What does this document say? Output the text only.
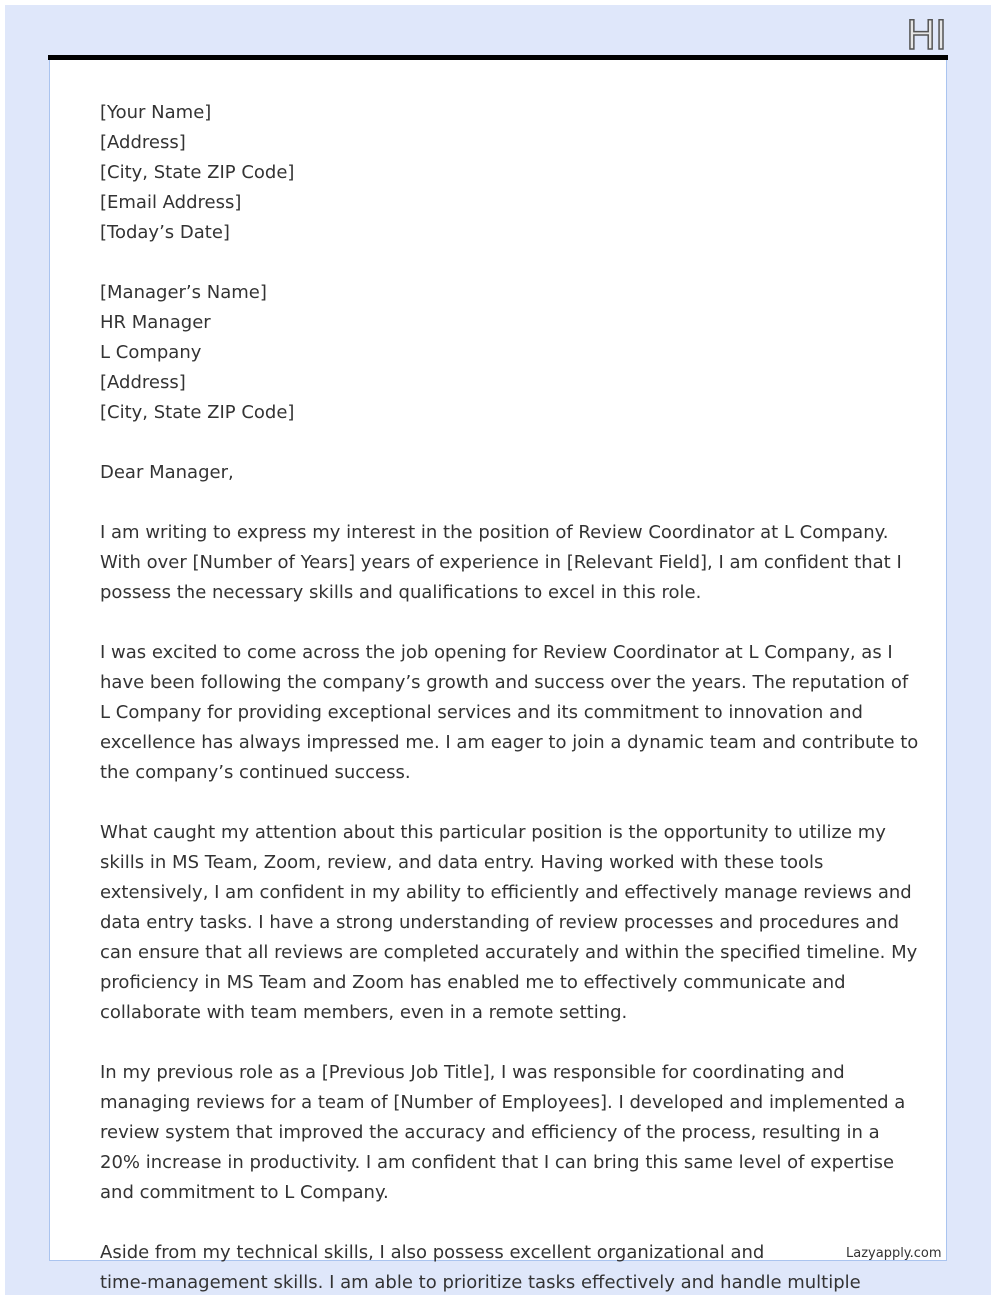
HI
[Your Name]
[Address]
[City, State ZIP Code]
[Email Address]
[Today’s Date]
[Manager’s Name]
HR Manager
L Company
[Address]
[City, State ZIP Code]
Dear Manager,
I am writing to express my interest in the position of Review Coordinator at L Company.
With over [Number of Years] years of experience in [Relevant Field], I am confident that I
possess the necessary skills and qualifications to excel in this role.
I was excited to come across the job opening for Review Coordinator at L Company, as I
have been following the company’s growth and success over the years. The reputation of
L Company for providing exceptional services and its commitment to innovation and
excellence has always impressed me. I am eager to join a dynamic team and contribute to
the company’s continued success.
What caught my attention about this particular position is the opportunity to utilize my
skills in MS Team, Zoom, review, and data entry. Having worked with these tools
extensively, I am confident in my ability to efficiently and effectively manage reviews and
data entry tasks. I have a strong understanding of review processes and procedures and
can ensure that all reviews are completed accurately and within the specified timeline. My
proficiency in MS Team and Zoom has enabled me to effectively communicate and
collaborate with team members, even in a remote setting.
In my previous role as a [Previous Job Title], I was responsible for coordinating and
managing reviews for a team of [Number of Employees]. I developed and implemented a
review system that improved the accuracy and efficiency of the process, resulting in a
20% increase in productivity. I am confident that I can bring this same level of expertise
and commitment to L Company.
Aside from my technical skills, I also possess excellent organizational and
time-management skills. I am able to prioritize tasks effectively and handle multiple
Lazyapply.com
